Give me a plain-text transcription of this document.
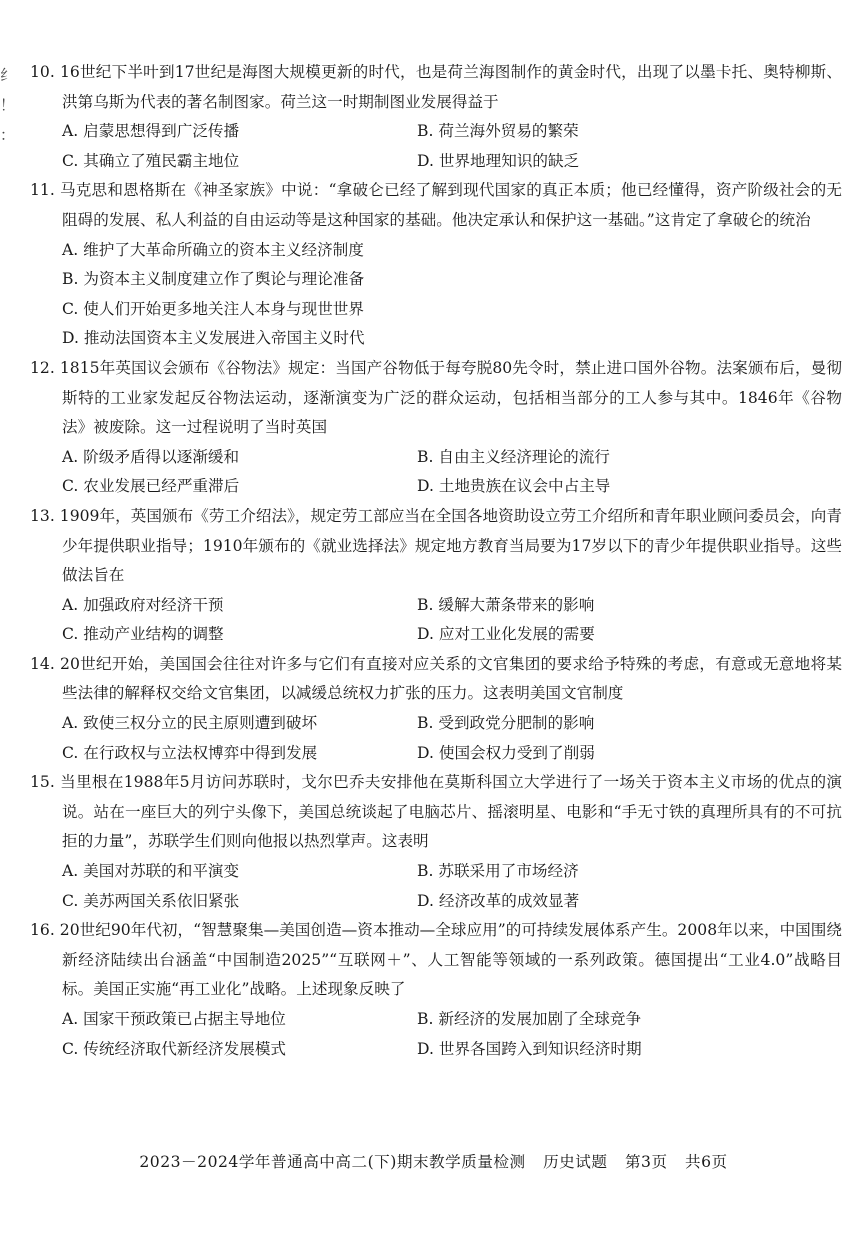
纟
！
：

10. 16世纪下半叶到17世纪是海图大规模更新的时代，也是荷兰海图制作的黄金时代，出现了以墨卡托、奥特柳斯、洪第乌斯为代表的著名制图家。荷兰这一时期制图业发展得益于

A. 启蒙思想得到广泛传播	B. 荷兰海外贸易的繁荣
C. 其确立了殖民霸主地位	D. 世界地理知识的缺乏

11. 马克思和恩格斯在《神圣家族》中说：“拿破仑已经了解到现代国家的真正本质；他已经懂得，资产阶级社会的无阻碍的发展、私人利益的自由运动等是这种国家的基础。他决定承认和保护这一基础。”这肯定了拿破仑的统治

A. 维护了大革命所确立的资本主义经济制度

B. 为资本主义制度建立作了舆论与理论准备

C. 使人们开始更多地关注人本身与现世世界

D. 推动法国资本主义发展进入帝国主义时代

12. 1815年英国议会颁布《谷物法》规定：当国产谷物低于每夸脱80先令时，禁止进口国外谷物。法案颁布后，曼彻斯特的工业家发起反谷物法运动，逐渐演变为广泛的群众运动，包括相当部分的工人参与其中。1846年《谷物法》被废除。这一过程说明了当时英国

A. 阶级矛盾得以逐渐缓和	B. 自由主义经济理论的流行
C. 农业发展已经严重滞后	D. 土地贵族在议会中占主导

13. 1909年，英国颁布《劳工介绍法》，规定劳工部应当在全国各地资助设立劳工介绍所和青年职业顾问委员会，向青少年提供职业指导；1910年颁布的《就业选择法》规定地方教育当局要为17岁以下的青少年提供职业指导。这些做法旨在

A. 加强政府对经济干预	B. 缓解大萧条带来的影响
C. 推动产业结构的调整	D. 应对工业化发展的需要

14. 20世纪开始，美国国会往往对许多与它们有直接对应关系的文官集团的要求给予特殊的考虑，有意或无意地将某些法律的解释权交给文官集团，以减缓总统权力扩张的压力。这表明美国文官制度

A. 致使三权分立的民主原则遭到破坏	B. 受到政党分肥制的影响
C. 在行政权与立法权博弈中得到发展	D. 使国会权力受到了削弱

15. 当里根在1988年5月访问苏联时，戈尔巴乔夫安排他在莫斯科国立大学进行了一场关于资本主义市场的优点的演说。站在一座巨大的列宁头像下，美国总统谈起了电脑芯片、摇滚明星、电影和“手无寸铁的真理所具有的不可抗拒的力量”，苏联学生们则向他报以热烈掌声。这表明

A. 美国对苏联的和平演变	B. 苏联采用了市场经济
C. 美苏两国关系依旧紧张	D. 经济改革的成效显著

16. 20世纪90年代初，“智慧聚集—美国创造—资本推动—全球应用”的可持续发展体系产生。2008年以来，中国围绕新经济陆续出台涵盖“中国制造2025”“互联网＋”、人工智能等领域的一系列政策。德国提出“工业4.0”战略目标。美国正实施“再工业化”战略。上述现象反映了

A. 国家干预政策已占据主导地位	B. 新经济的发展加剧了全球竞争
C. 传统经济取代新经济发展模式	D. 世界各国跨入到知识经济时期
2023－2024学年普通高中高二(下)期末教学质量检测 历史试题 第3页 共6页
